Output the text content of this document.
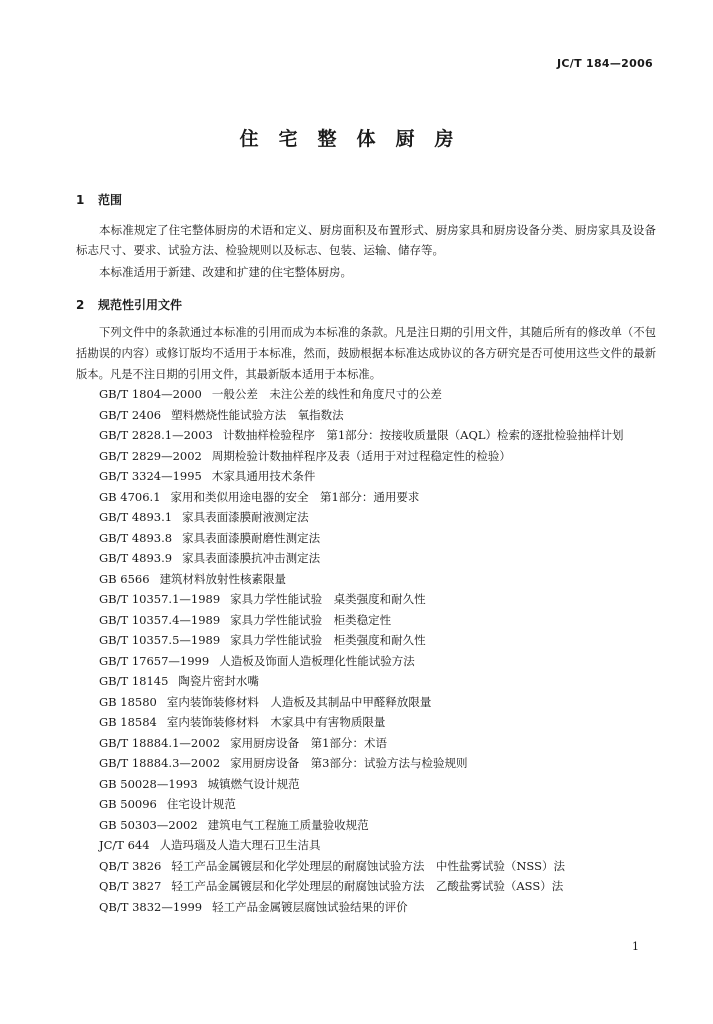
JC/T 184—2006
住宅整体厨房
1 范围
本标准规定了住宅整体厨房的术语和定义、厨房面积及布置形式、厨房家具和厨房设备分类、厨房家具及设备标志尺寸、要求、试验方法、检验规则以及标志、包装、运输、储存等。
本标准适用于新建、改建和扩建的住宅整体厨房。
2 规范性引用文件
下列文件中的条款通过本标准的引用而成为本标准的条款。凡是注日期的引用文件，其随后所有的修改单（不包括勘误的内容）或修订版均不适用于本标准，然而，鼓励根据本标准达成协议的各方研究是否可使用这些文件的最新版本。凡是不注日期的引用文件，其最新版本适用于本标准。
GB/T 1804—2000 一般公差　未注公差的线性和角度尺寸的公差
GB/T 2406 塑料燃烧性能试验方法　氧指数法
GB/T 2828.1—2003 计数抽样检验程序　第1部分：按接收质量限（AQL）检索的逐批检验抽样计划
GB/T 2829—2002 周期检验计数抽样程序及表（适用于对过程稳定性的检验）
GB/T 3324—1995 木家具通用技术条件
GB 4706.1 家用和类似用途电器的安全　第1部分：通用要求
GB/T 4893.1 家具表面漆膜耐液测定法
GB/T 4893.8 家具表面漆膜耐磨性测定法
GB/T 4893.9 家具表面漆膜抗冲击测定法
GB 6566 建筑材料放射性核素限量
GB/T 10357.1—1989 家具力学性能试验　桌类强度和耐久性
GB/T 10357.4—1989 家具力学性能试验　柜类稳定性
GB/T 10357.5—1989 家具力学性能试验　柜类强度和耐久性
GB/T 17657—1999 人造板及饰面人造板理化性能试验方法
GB/T 18145 陶瓷片密封水嘴
GB 18580 室内装饰装修材料　人造板及其制品中甲醛释放限量
GB 18584 室内装饰装修材料　木家具中有害物质限量
GB/T 18884.1—2002 家用厨房设备　第1部分：术语
GB/T 18884.3—2002 家用厨房设备　第3部分：试验方法与检验规则
GB 50028—1993 城镇燃气设计规范
GB 50096 住宅设计规范
GB 50303—2002 建筑电气工程施工质量验收规范
JC/T 644 人造玛瑙及人造大理石卫生洁具
QB/T 3826 轻工产品金属镀层和化学处理层的耐腐蚀试验方法　中性盐雾试验（NSS）法
QB/T 3827 轻工产品金属镀层和化学处理层的耐腐蚀试验方法　乙酸盐雾试验（ASS）法
QB/T 3832—1999 轻工产品金属镀层腐蚀试验结果的评价
1
